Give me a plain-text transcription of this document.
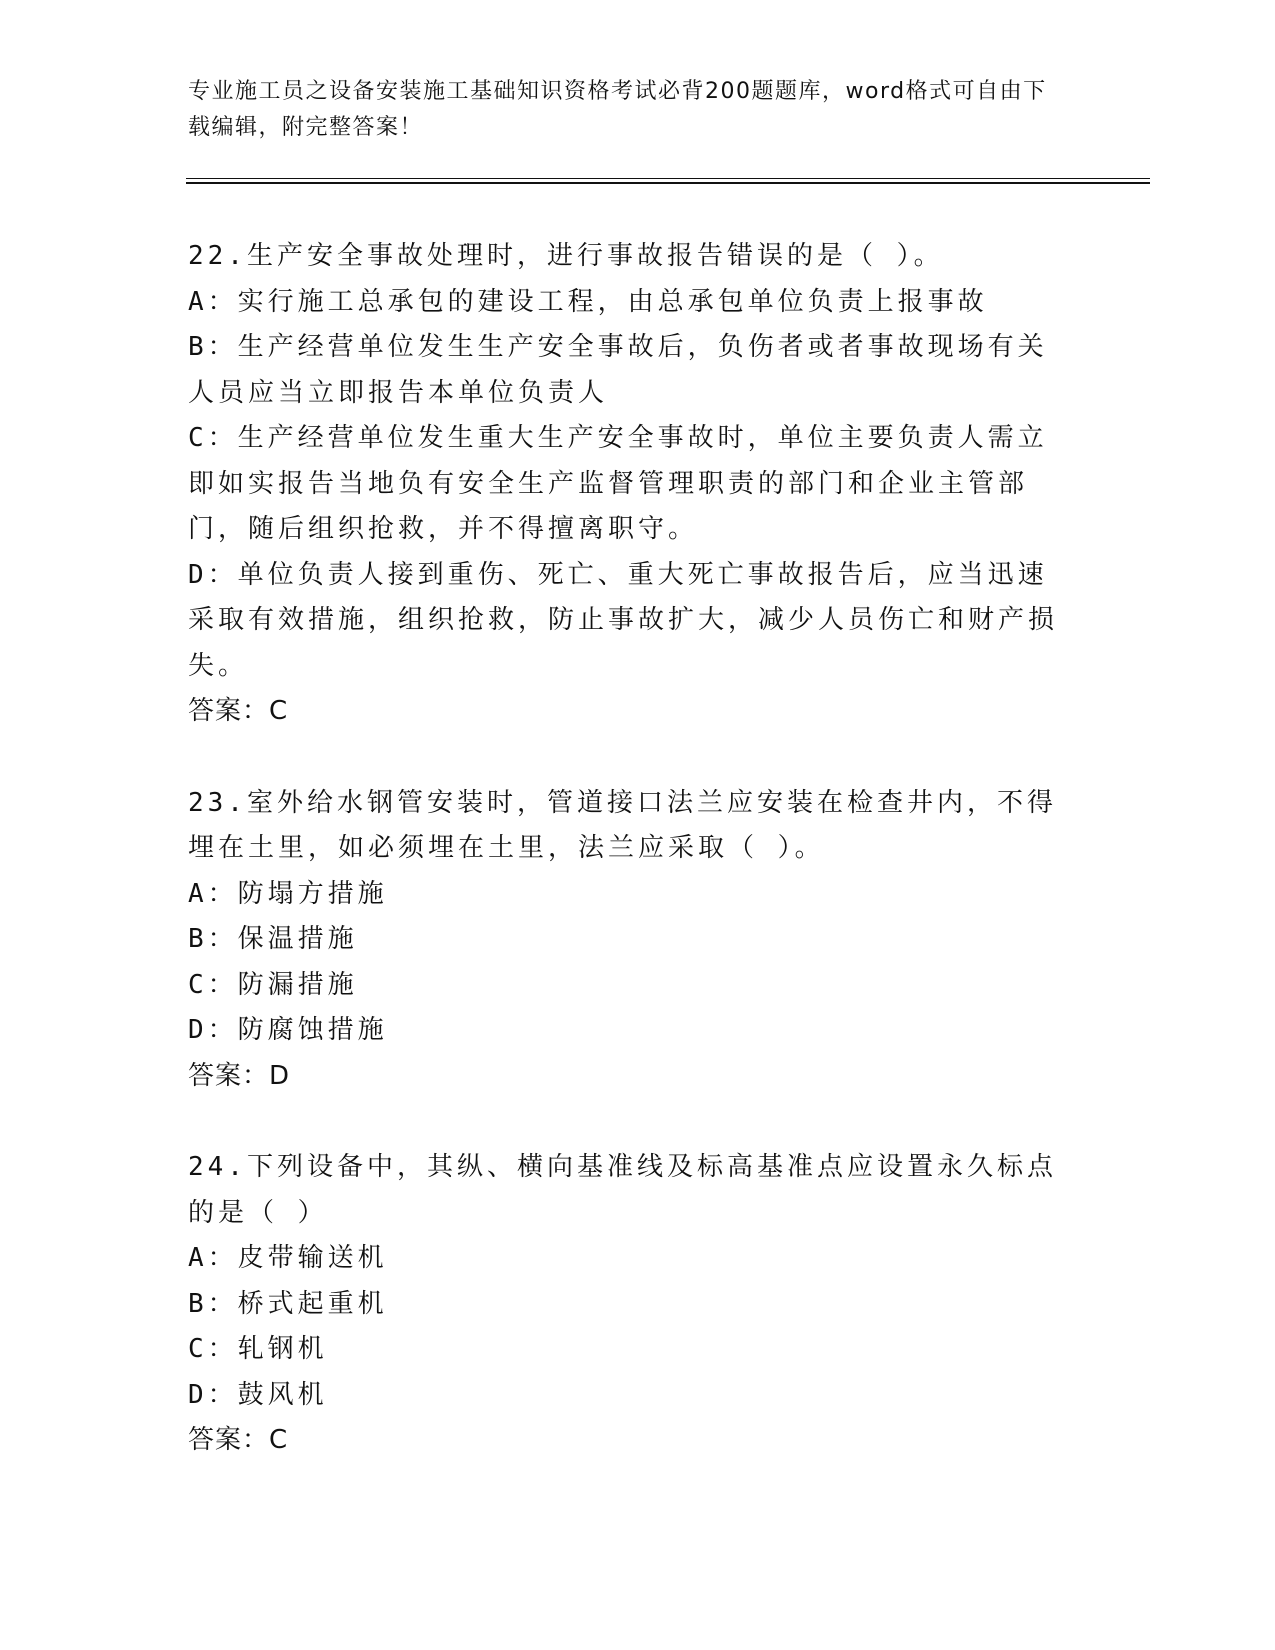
专业施工员之设备安装施工基础知识资格考试必背200题题库，word格式可自由下载编辑，附完整答案！

22.生产安全事故处理时，进行事故报告错误的是（ ）。

A：实行施工总承包的建设工程，由总承包单位负责上报事故

B：生产经营单位发生生产安全事故后，负伤者或者事故现场有关人员应当立即报告本单位负责人

C：生产经营单位发生重大生产安全事故时，单位主要负责人需立即如实报告当地负有安全生产监督管理职责的部门和企业主管部门，随后组织抢救，并不得擅离职守。

D：单位负责人接到重伤、死亡、重大死亡事故报告后，应当迅速采取有效措施，组织抢救，防止事故扩大，减少人员伤亡和财产损失。

答案：C

23.室外给水钢管安装时，管道接口法兰应安装在检查井内，不得埋在土里，如必须埋在土里，法兰应采取（ ）。

A：防塌方措施

B：保温措施

C：防漏措施

D：防腐蚀措施

答案：D

24.下列设备中，其纵、横向基准线及标高基准点应设置永久标点的是（ ）

A：皮带输送机

B：桥式起重机

C：轧钢机

D：鼓风机

答案：C
